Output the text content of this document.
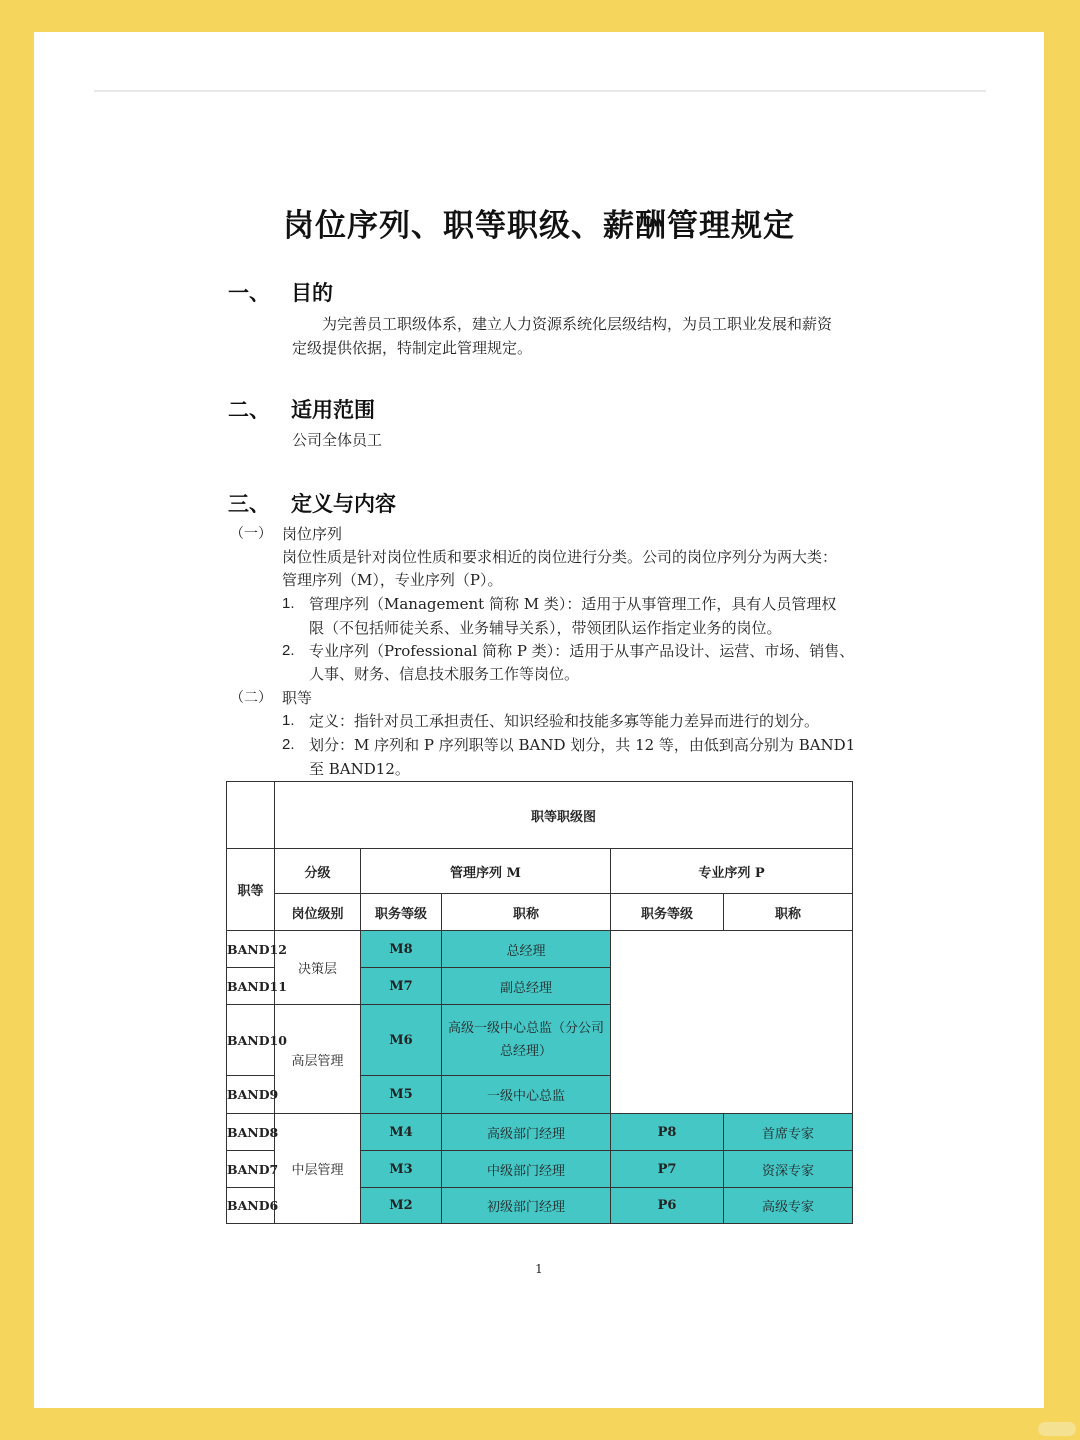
岗位序列、职等职级、薪酬管理规定
一、 目的
为完善员工职级体系，建立人力资源系统化层级结构，为员工职业发展和薪资
定级提供依据，特制定此管理规定。
二、 适用范围
公司全体员工
三、 定义与内容
（一） 岗位序列
岗位性质是针对岗位性质和要求相近的岗位进行分类。公司的岗位序列分为两大类：
管理序列（M），专业序列（P）。
1. 管理序列（Management 简称 M 类）：适用于从事管理工作，具有人员管理权
限（不包括师徒关系、业务辅导关系），带领团队运作指定业务的岗位。
2. 专业序列（Professional 简称 P 类）：适用于从事产品设计、运营、市场、销售、
人事、财务、信息技术服务工作等岗位。
（二） 职等
1. 定义：指针对员工承担责任、知识经验和技能多寡等能力差异而进行的划分。
2. 划分：M 序列和 P 序列职等以 BAND 划分，共 12 等，由低到高分别为 BAND1
至 BAND12。
	职等职级图				
职等	分级	管理序列 M		专业序列 P	
	岗位级别	职务等级	职称	职务等级	职称
BAND12	决策层	M8	总经理		
BAND11		M7	副总经理		
BAND10	高层管理	M6	高级一级中心总监（分公司总经理）		
BAND9		M5	一级中心总监		
BAND8	中层管理	M4	高级部门经理	P8	首席专家
BAND7		M3	中级部门经理	P7	资深专家
BAND6		M2	初级部门经理	P6	高级专家
1
